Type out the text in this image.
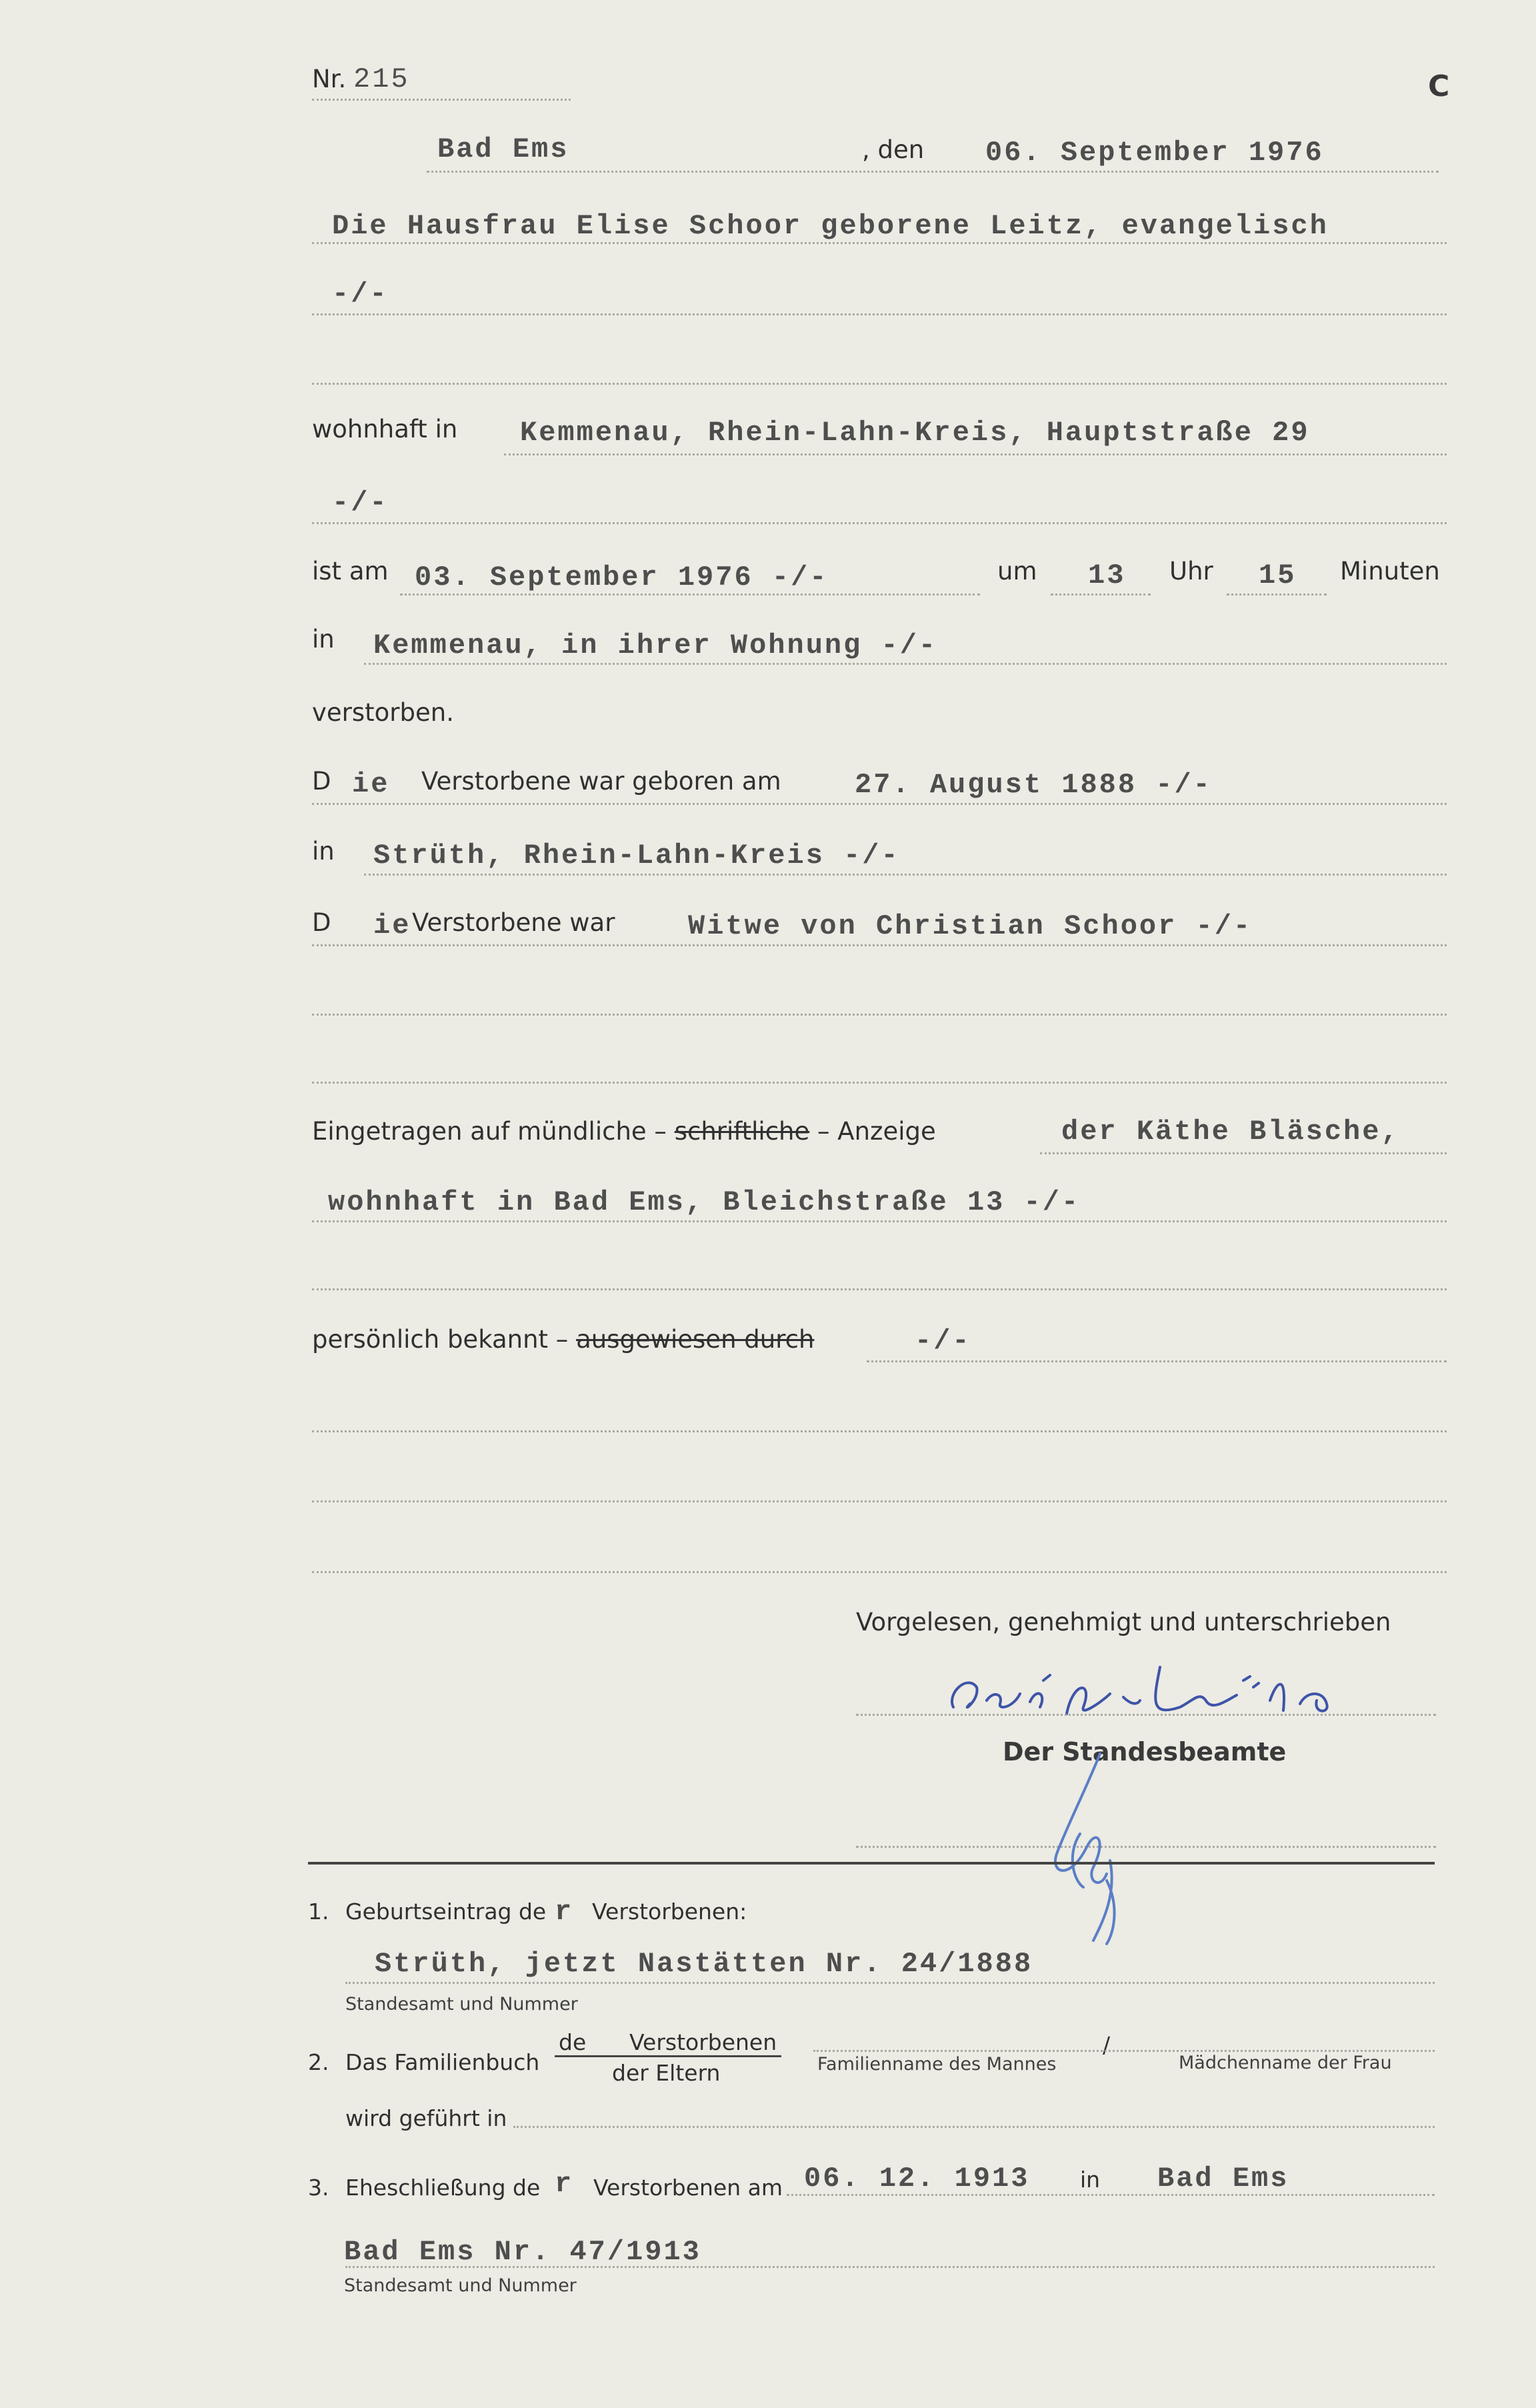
Nr. 215	C
Bad Ems	, den 06. September 1976
Die Hausfrau Elise Schoor geborene Leitz, evangelisch
-/-
wohnhaft in Kemmenau, Rhein-Lahn-Kreis, Hauptstraße 29
-/-
ist am 03. September 1976 -/-	um 13 Uhr 15 Minuten
in Kemmenau, in ihrer Wohnung -/-
verstorben.
D ie Verstorbene war geboren am	27. August 1888 -/-
in Strüth, Rhein-Lahn-Kreis -/-
D ie Verstorbene war	Witwe von Christian Schoor -/-
Eingetragen auf mündliche – schriftliche – Anzeige	der Käthe Bläsche,
wohnhaft in Bad Ems, Bleichstraße 13 -/-
persönlich bekannt – ausgewiesen durch	-/-
Vorgelesen, genehmigt und unterschrieben
Der Standesbeamte
1. Geburtseintrag de r Verstorbenen:
Strüth, jetzt Nastätten Nr. 24/1888
Standesamt und Nummer
2. Das Familienbuch
de Verstorbenen
der Eltern	Familienname des Mannes
/
Mädchenname der Frau
wird geführt in
3. Eheschließung de r Verstorbenen am 06. 12. 1913 in Bad Ems
Bad Ems Nr. 47/1913
Standesamt und Nummer
